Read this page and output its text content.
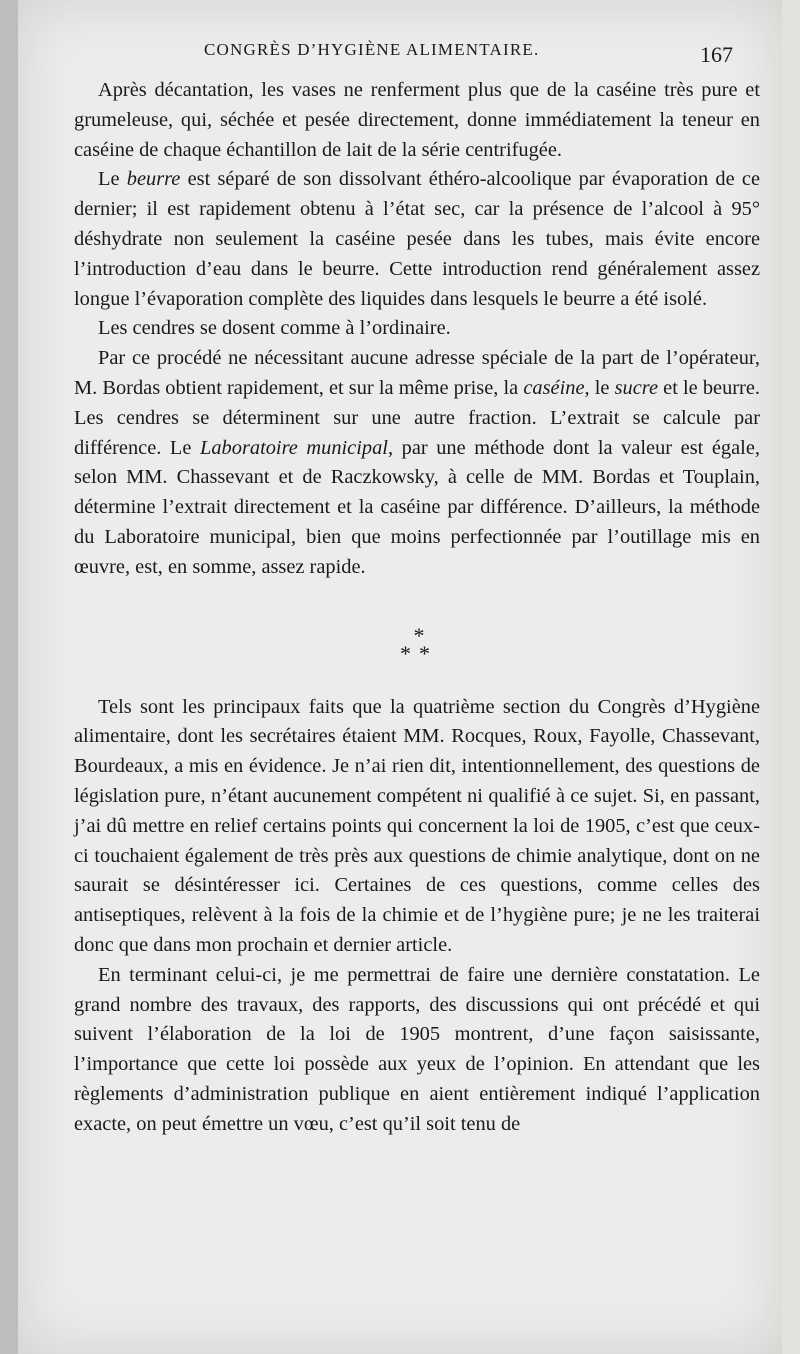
CONGRÈS D’HYGIÈNE ALIMENTAIRE.	167

Après décantation, les vases ne renferment plus que de la caséine très pure et grumeleuse, qui, séchée et pesée directement, donne immédiatement la teneur en caséine de chaque échantillon de lait de la série centrifugée.

Le beurre est séparé de son dissolvant éthéro-alcoolique par évaporation de ce dernier; il est rapidement obtenu à l’état sec, car la présence de l’alcool à 95° déshydrate non seulement la caséine pesée dans les tubes, mais évite encore l’introduction d’eau dans le beurre. Cette introduction rend généralement assez longue l’évaporation complète des liquides dans lesquels le beurre a été isolé.

Les cendres se dosent comme à l’ordinaire.

Par ce procédé ne nécessitant aucune adresse spéciale de la part de l’opérateur, M. Bordas obtient rapidement, et sur la même prise, la caséine, le sucre et le beurre. Les cendres se déterminent sur une autre fraction. L’extrait se calcule par différence. Le Laboratoire municipal, par une méthode dont la valeur est égale, selon MM. Chassevant et de Raczkowsky, à celle de MM. Bordas et Touplain, détermine l’extrait directement et la caséine par différence. D’ailleurs, la méthode du Laboratoire municipal, bien que moins perfectionnée par l’outillage mis en œuvre, est, en somme, assez rapide.

*
**

Tels sont les principaux faits que la quatrième section du Congrès d’Hygiène alimentaire, dont les secrétaires étaient MM. Rocques, Roux, Fayolle, Chassevant, Bourdeaux, a mis en évidence. Je n’ai rien dit, intentionnellement, des questions de législation pure, n’étant aucunement compétent ni qualifié à ce sujet. Si, en passant, j’ai dû mettre en relief certains points qui concernent la loi de 1905, c’est que ceux-ci touchaient également de très près aux questions de chimie analytique, dont on ne saurait se désintéresser ici. Certaines de ces questions, comme celles des antiseptiques, relèvent à la fois de la chimie et de l’hygiène pure; je ne les traiterai donc que dans mon prochain et dernier article.

En terminant celui-ci, je me permettrai de faire une dernière constatation. Le grand nombre des travaux, des rapports, des discussions qui ont précédé et qui suivent l’élaboration de la loi de 1905 montrent, d’une façon saisissante, l’importance que cette loi possède aux yeux de l’opinion. En attendant que les règlements d’administration publique en aient entièrement indiqué l’application exacte, on peut émettre un vœu, c’est qu’il soit tenu de
